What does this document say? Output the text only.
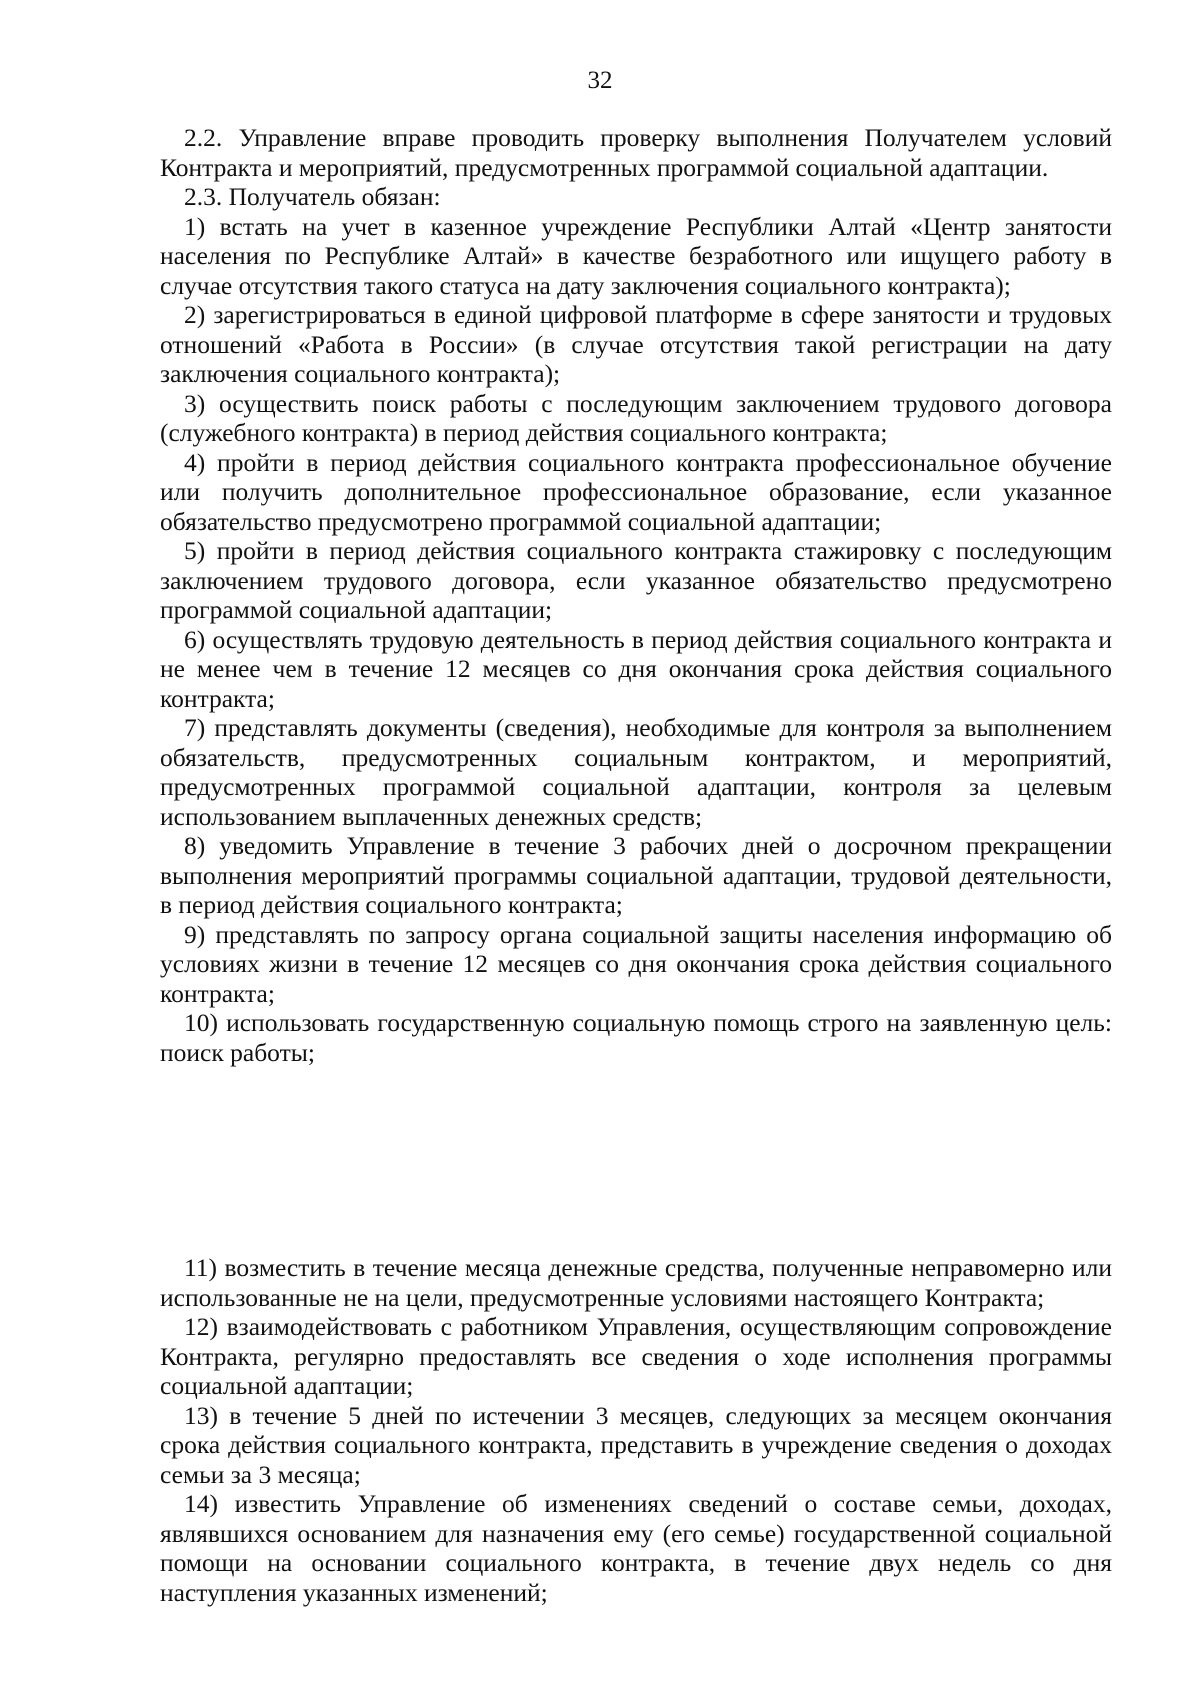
32

2.2. Управление вправе проводить проверку выполнения Получателем условий Контракта и мероприятий, предусмотренных программой социальной адаптации.

2.3. Получатель обязан:

1) встать на учет в казенное учреждение Республики Алтай «Центр занятости населения по Республике Алтай» в качестве безработного или ищущего работу в случае отсутствия такого статуса на дату заключения социального контракта);

2) зарегистрироваться в единой цифровой платформе в сфере занятости и трудовых отношений «Работа в России» (в случае отсутствия такой регистрации на дату заключения социального контракта);

3) осуществить поиск работы с последующим заключением трудового договора (служебного контракта) в период действия социального контракта;

4) пройти в период действия социального контракта профессиональное обучение или получить дополнительное профессиональное образование, если указанное обязательство предусмотрено программой социальной адаптации;

5) пройти в период действия социального контракта стажировку с последующим заключением трудового договора, если указанное обязательство предусмотрено программой социальной адаптации;

6) осуществлять трудовую деятельность в период действия социального контракта и не менее чем в течение 12 месяцев со дня окончания срока действия социального контракта;

7) представлять документы (сведения), необходимые для контроля за выполнением обязательств, предусмотренных социальным контрактом, и мероприятий, предусмотренных программой социальной адаптации, контроля за целевым использованием выплаченных денежных средств;

8) уведомить Управление в течение 3 рабочих дней о досрочном прекращении выполнения мероприятий программы социальной адаптации, трудовой деятельности, в период действия социального контракта;

9) представлять по запросу органа социальной защиты населения информацию об условиях жизни в течение 12 месяцев со дня окончания срока действия социального контракта;

10) использовать государственную социальную помощь строго на заявленную цель: поиск работы;

11) возместить в течение месяца денежные средства, полученные неправомерно или использованные не на цели, предусмотренные условиями настоящего Контракта;

12) взаимодействовать с работником Управления, осуществляющим сопровождение Контракта, регулярно предоставлять все сведения о ходе исполнения программы социальной адаптации;

13) в течение 5 дней по истечении 3 месяцев, следующих за месяцем окончания срока действия социального контракта, представить в учреждение сведения о доходах семьи за 3 месяца;

14) известить Управление об изменениях сведений о составе семьи, доходах, являвшихся основанием для назначения ему (его семье) государственной социальной помощи на основании социального контракта, в течение двух недель со дня наступления указанных изменений;
